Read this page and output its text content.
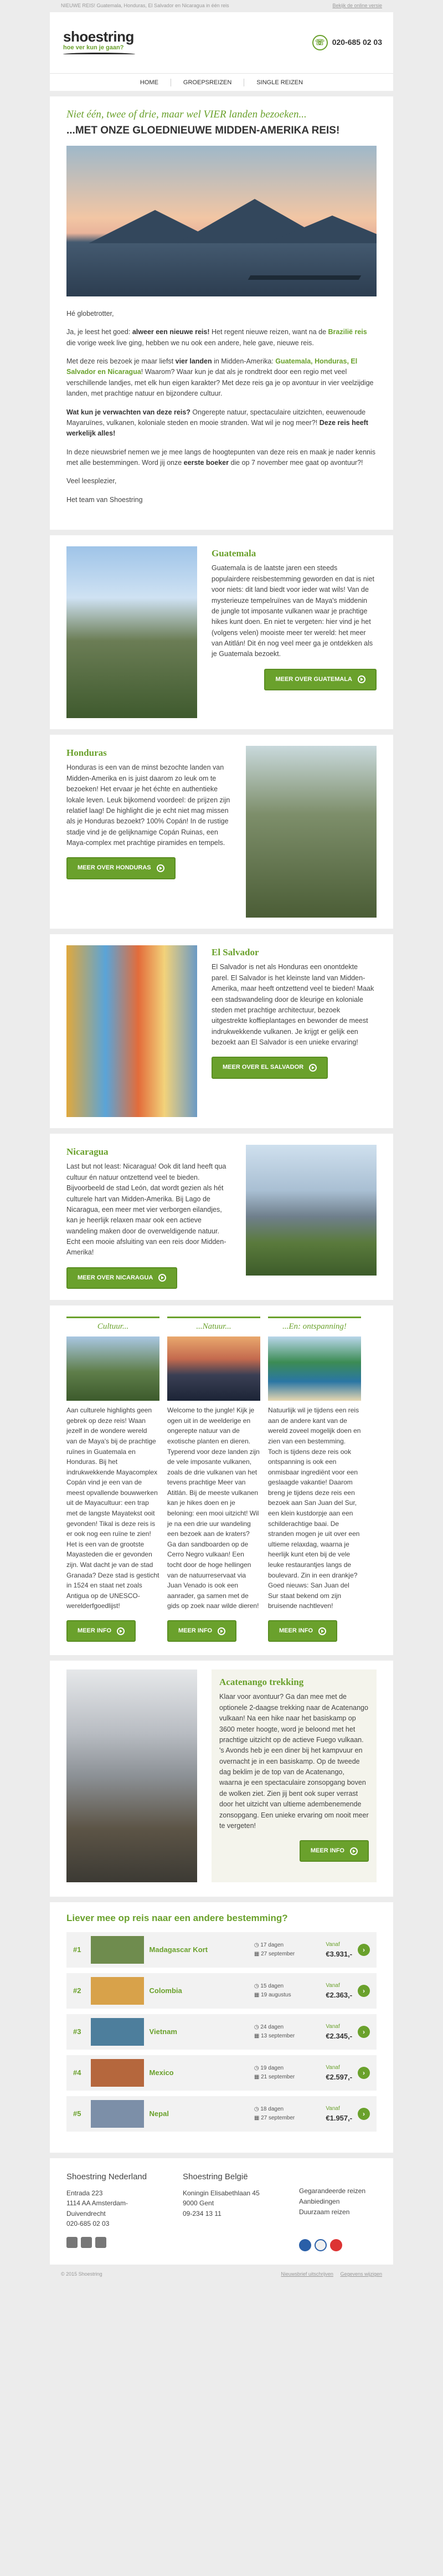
NIEUWE REIS! Guatemala, Honduras, El Salvador en Nicaragua in één reis	Bekijk de online versie
shoestring
hoe ver kun je gaan?
☏ 020-685 02 03
HOME	GROEPSREIZEN	SINGLE REIZEN
Niet één, twee of drie, maar wel VIER landen bezoeken...
...MET ONZE GLOEDNIEUWE MIDDEN-AMERIKA REIS!

Hé globetrotter,

Ja, je leest het goed: alweer een nieuwe reis! Het regent nieuwe reizen, want na de Brazilië reis die vorige week live ging, hebben we nu ook een andere, hele gave, nieuwe reis.

Met deze reis bezoek je maar liefst vier landen in Midden-Amerika: Guatemala, Honduras, El Salvador en Nicaragua! Waarom? Waar kun je dat als je rondtrekt door een regio met veel verschillende landjes, met elk hun eigen karakter? Met deze reis ga je op avontuur in vier veelzijdige landen, met prachtige natuur en bijzondere cultuur.

Wat kun je verwachten van deze reis? Ongerepte natuur, spectaculaire uitzichten, eeuwenoude Mayaruïnes, vulkanen, koloniale steden en mooie stranden. Wat wil je nog meer?! Deze reis heeft werkelijk alles!

In deze nieuwsbrief nemen we je mee langs de hoogtepunten van deze reis en maak je nader kennis met alle bestemmingen. Word jij onze eerste boeker die op 7 november mee gaat op avontuur?!

Veel leesplezier,

Het team van Shoestring

Guatemala
Guatemala is de laatste jaren een steeds populairdere reisbestemming geworden en dat is niet voor niets: dit land biedt voor ieder wat wils! Van de mysterieuze tempelruïnes van de Maya's middenin de jungle tot imposante vulkanen waar je prachtige hikes kunt doen. En niet te vergeten: hier vind je het (volgens velen) mooiste meer ter wereld: het meer van Atitlán! Dit én nog veel meer ga je ontdekken als je Guatemala bezoekt.
MEER OVER GUATEMALA
Honduras
Honduras is een van de minst bezochte landen van Midden-Amerika en is juist daarom zo leuk om te bezoeken! Het ervaar je het échte en authentieke lokale leven. Leuk bijkomend voordeel: de prijzen zijn relatief laag! De highlight die je echt niet mag missen als je Honduras bezoekt? 100% Copán! In de rustige stadje vind je de gelijknamige Copán Ruinas, een Maya-complex met prachtige piramides en tempels.
MEER OVER HONDURAS
El Salvador
El Salvador is net als Honduras een onontdekte parel. El Salvador is het kleinste land van Midden-Amerika, maar heeft ontzettend veel te bieden! Maak een stadswandeling door de kleurige en koloniale steden met prachtige architectuur, bezoek uitgestrekte koffieplantages en bewonder de meest indrukwekkende vulkanen. Je krijgt er gelijk een bezoekt aan El Salvador is een unieke ervaring!
MEER OVER EL SALVADOR
Nicaragua
Last but not least: Nicaragua! Ook dit land heeft qua cultuur én natuur ontzettend veel te bieden. Bijvoorbeeld de stad León, dat wordt gezien als hét culturele hart van Midden-Amerika. Bij Lago de Nicaragua, een meer met vier verborgen eilandjes, kan je heerlijk relaxen maar ook een actieve wandeling maken door de overweldigende natuur. Echt een mooie afsluiting van een reis door Midden-Amerika!
MEER OVER NICARAGUA
Cultuur...
Aan culturele highlights geen gebrek op deze reis! Waan jezelf in de wondere wereld van de Maya's bij de prachtige ruïnes in Guatemala en Honduras. Bij het indrukwekkende Mayacomplex Copán vind je een van de meest opvallende bouwwerken uit de Mayacultuur: een trap met de langste Mayatekst ooit gevonden! Tikal is deze reis is er ook nog een ruïne te zien! Het is een van de grootste Mayasteden die er gevonden zijn. Wat dacht je van de stad Granada? Deze stad is gesticht in 1524 en staat net zoals Antigua op de UNESCO-werelderfgoedlijst!
MEER INFO
...Natuur...
Welcome to the jungle! Kijk je ogen uit in de weelderige en ongerepte natuur van de exotische planten en dieren. Typerend voor deze landen zijn de vele imposante vulkanen, zoals de drie vulkanen van het tevens prachtige Meer van Atitlán. Bij de meeste vulkanen kan je hikes doen en je beloning: een mooi uitzicht! Wil je na een drie uur wandeling een bezoek aan de kraters? Ga dan sandboarden op de Cerro Negro vulkaan! Een tocht door de hoge hellingen van de natuurreservaat via Juan Venado is ook een aanrader, ga samen met de gids op zoek naar wilde dieren!
MEER INFO
...En: ontspanning!
Natuurlijk wil je tijdens een reis aan de andere kant van de wereld zoveel mogelijk doen en zien van een bestemming. Toch is tijdens deze reis ook ontspanning is ook een onmisbaar ingrediënt voor een geslaagde vakantie! Daarom breng je tijdens deze reis een bezoek aan San Juan del Sur, een klein kustdorpje aan een schilderachtige baai. De stranden mogen je uit over een ultieme relaxdag, waarna je heerlijk kunt eten bij de vele leuke restaurantjes langs de boulevard. Zin in een drankje? Goed nieuws: San Juan del Sur staat bekend om zijn bruisende nachtleven!
MEER INFO
Acatenango trekking
Klaar voor avontuur? Ga dan mee met de optionele 2-daagse trekking naar de Acatenango vulkaan! Na een hike naar het basiskamp op 3600 meter hoogte, word je beloond met het prachtige uitzicht op de actieve Fuego vulkaan. 's Avonds heb je een diner bij het kampvuur en overnacht je in een basiskamp. Op de tweede dag beklim je de top van de Acatenango, waarna je een spectaculaire zonsopgang boven de wolken ziet. Zien jij bent ook super verrast door het uitzicht van ultieme adembenemende zonsopgang. Een unieke ervaring om nooit meer te vergeten!
MEER INFO
Liever mee op reis naar een andere bestemming?
#1	Madagascar Kort
◷ 17 dagen
▦ 27 september
Vanaf
€3.931,-	›
#2	Colombia
◷ 15 dagen
▦ 19 augustus
Vanaf
€2.363,-	›
#3	Vietnam
◷ 24 dagen
▦ 13 september
Vanaf
€2.345,-	›
#4	Mexico
◷ 19 dagen
▦ 21 september
Vanaf
€2.597,-	›
#5	Nepal
◷ 18 dagen
▦ 27 september
Vanaf
€1.957,-	›
Shoestring Nederland
Entrada 223
1114 AA Amsterdam-Duivendrecht
020-685 02 03
Shoestring België
Koningin Elisabethlaan 45
9000 Gent
09-234 13 11
Gegarandeerde reizen
Aanbiedingen
Duurzaam reizen
© 2015 Shoestring	Nieuwsbrief uitschrijven Gegevens wijzigen
